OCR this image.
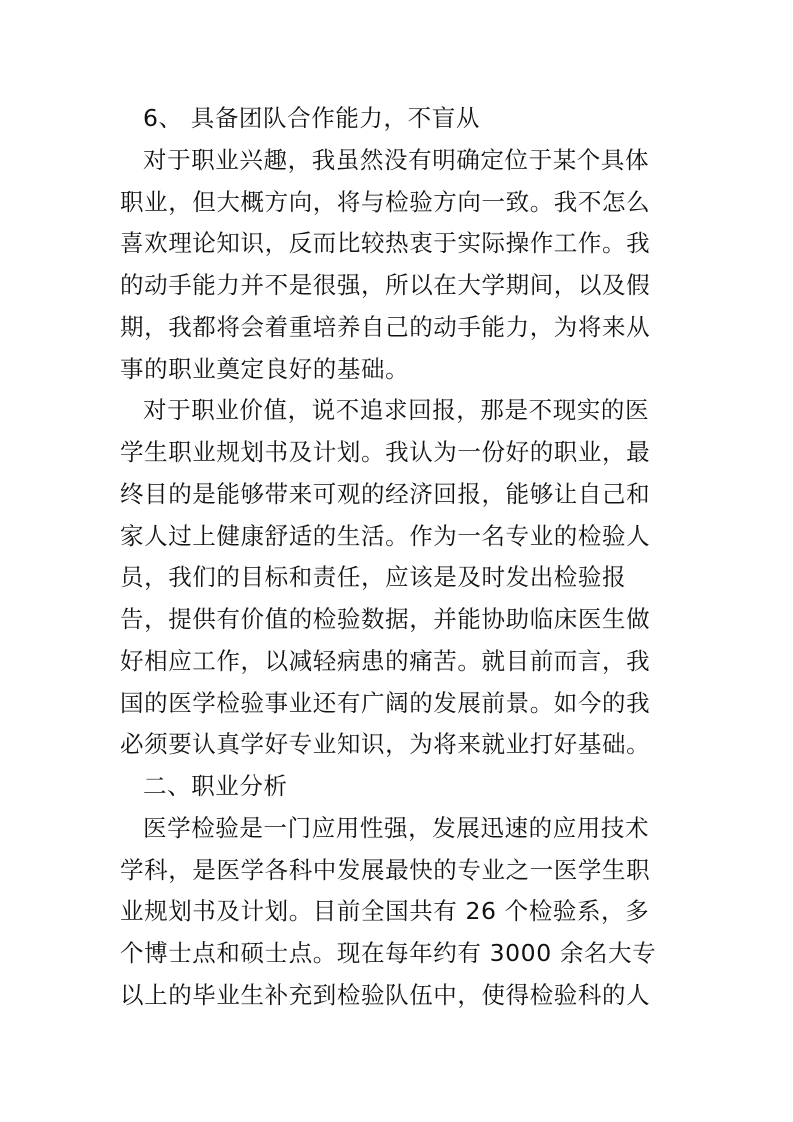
6、 具备团队合作能力，不盲从
对于职业兴趣，我虽然没有明确定位于某个具体
职业，但大概方向，将与检验方向一致。我不怎么
喜欢理论知识，反而比较热衷于实际操作工作。我
的动手能力并不是很强，所以在大学期间，以及假
期，我都将会着重培养自己的动手能力，为将来从
事的职业奠定良好的基础。
对于职业价值，说不追求回报，那是不现实的医
学生职业规划书及计划。我认为一份好的职业，最
终目的是能够带来可观的经济回报，能够让自己和
家人过上健康舒适的生活。作为一名专业的检验人
员，我们的目标和责任，应该是及时发出检验报
告，提供有价值的检验数据，并能协助临床医生做
好相应工作，以减轻病患的痛苦。就目前而言，我
国的医学检验事业还有广阔的发展前景。如今的我
必须要认真学好专业知识，为将来就业打好基础。
二、职业分析
医学检验是一门应用性强，发展迅速的应用技术
学科，是医学各科中发展最快的专业之一医学生职
业规划书及计划。目前全国共有 26 个检验系，多
个博士点和硕士点。现在每年约有 3000 余名大专
以上的毕业生补充到检验队伍中，使得检验科的人
